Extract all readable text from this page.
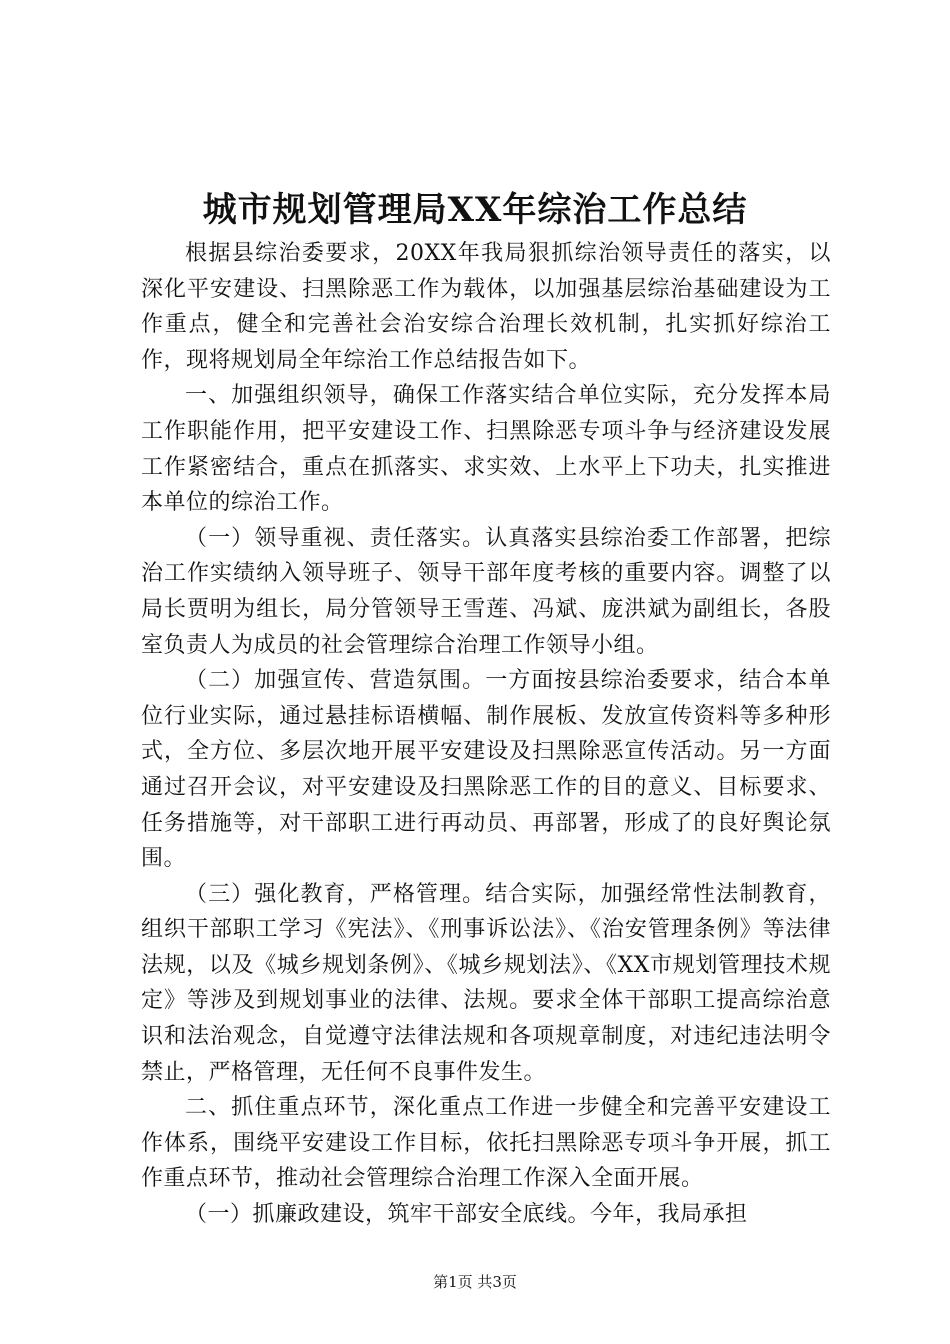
城市规划管理局XX年综治工作总结

根据县综治委要求，20XX年我局狠抓综治领导责任的落实，以深化平安建设、扫黑除恶工作为载体，以加强基层综治基础建设为工作重点，健全和完善社会治安综合治理长效机制，扎实抓好综治工作，现将规划局全年综治工作总结报告如下。

一、加强组织领导，确保工作落实结合单位实际，充分发挥本局工作职能作用，把平安建设工作、扫黑除恶专项斗争与经济建设发展工作紧密结合，重点在抓落实、求实效、上水平上下功夫，扎实推进本单位的综治工作。

（一）领导重视、责任落实。认真落实县综治委工作部署，把综治工作实绩纳入领导班子、领导干部年度考核的重要内容。调整了以局长贾明为组长，局分管领导王雪莲、冯斌、庞洪斌为副组长，各股室负责人为成员的社会管理综合治理工作领导小组。

（二）加强宣传、营造氛围。一方面按县综治委要求，结合本单位行业实际，通过悬挂标语横幅、制作展板、发放宣传资料等多种形式，全方位、多层次地开展平安建设及扫黑除恶宣传活动。另一方面通过召开会议，对平安建设及扫黑除恶工作的目的意义、目标要求、任务措施等，对干部职工进行再动员、再部署，形成了的良好舆论氛围。

（三）强化教育，严格管理。结合实际，加强经常性法制教育，组织干部职工学习《宪法》、《刑事诉讼法》、《治安管理条例》等法律法规，以及《城乡规划条例》、《城乡规划法》、《XX市规划管理技术规定》等涉及到规划事业的法律、法规。要求全体干部职工提高综治意识和法治观念，自觉遵守法律法规和各项规章制度，对违纪违法明令禁止，严格管理，无任何不良事件发生。

二、抓住重点环节，深化重点工作进一步健全和完善平安建设工作体系，围绕平安建设工作目标，依托扫黑除恶专项斗争开展，抓工作重点环节，推动社会管理综合治理工作深入全面开展。

（一）抓廉政建设，筑牢干部安全底线。今年，我局承担

第1页 共3页
